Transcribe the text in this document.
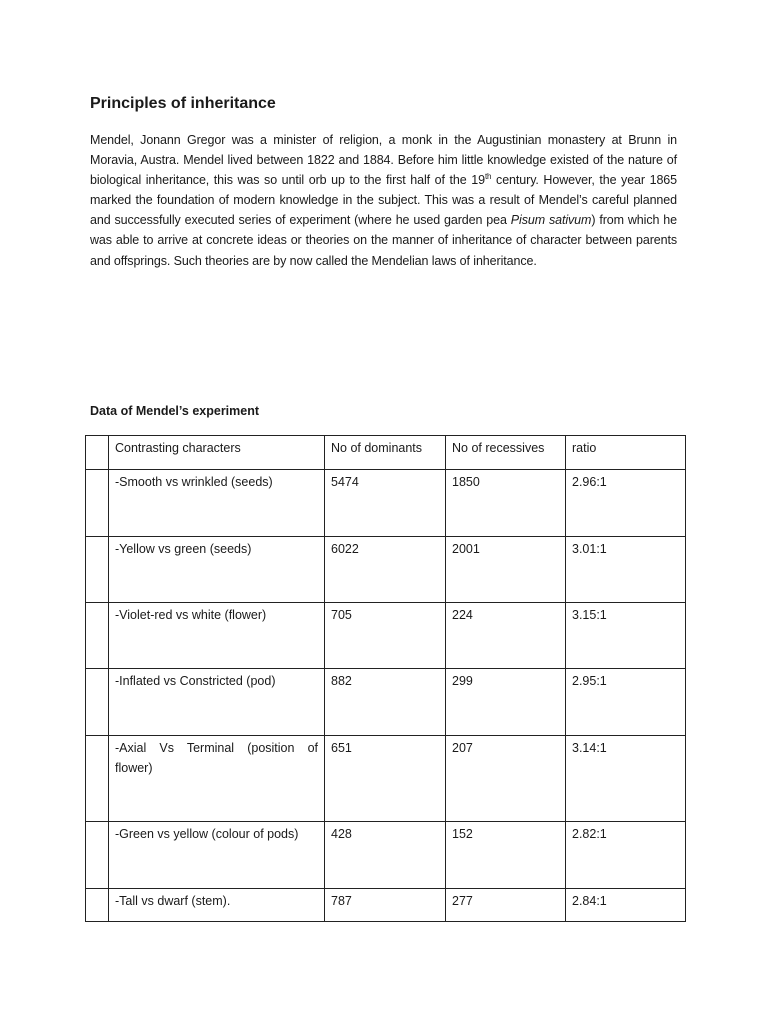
Principles of inheritance

Mendel, Jonann Gregor was a minister of religion, a monk in the Augustinian monastery at Brunn in Moravia, Austra. Mendel lived between 1822 and 1884. Before him little knowledge existed of the nature of biological inheritance, this was so until orb up to the first half of the 19th century. However, the year 1865 marked the foundation of modern knowledge in the subject. This was a result of Mendel’s careful planned and successfully executed series of experiment (where he used garden pea Pisum sativum) from which he was able to arrive at concrete ideas or theories on the manner of inheritance of character between parents and offsprings. Such theories are by now called the Mendelian laws of inheritance.

Data of Mendel’s experiment
	Contrasting characters	No of dominants	No of recessives	ratio
	-Smooth vs wrinkled (seeds)	5474	1850	2.96:1
	-Yellow vs green (seeds)	6022	2001	3.01:1
	-Violet-red vs white (flower)	705	224	3.15:1
	-Inflated vs Constricted (pod)	882	299	2.95:1
	-Axial Vs Terminal (position of flower)	651	207	3.14:1
	-Green vs yellow (colour of pods)	428	152	2.82:1
	-Tall vs dwarf (stem).	787	277	2.84:1
